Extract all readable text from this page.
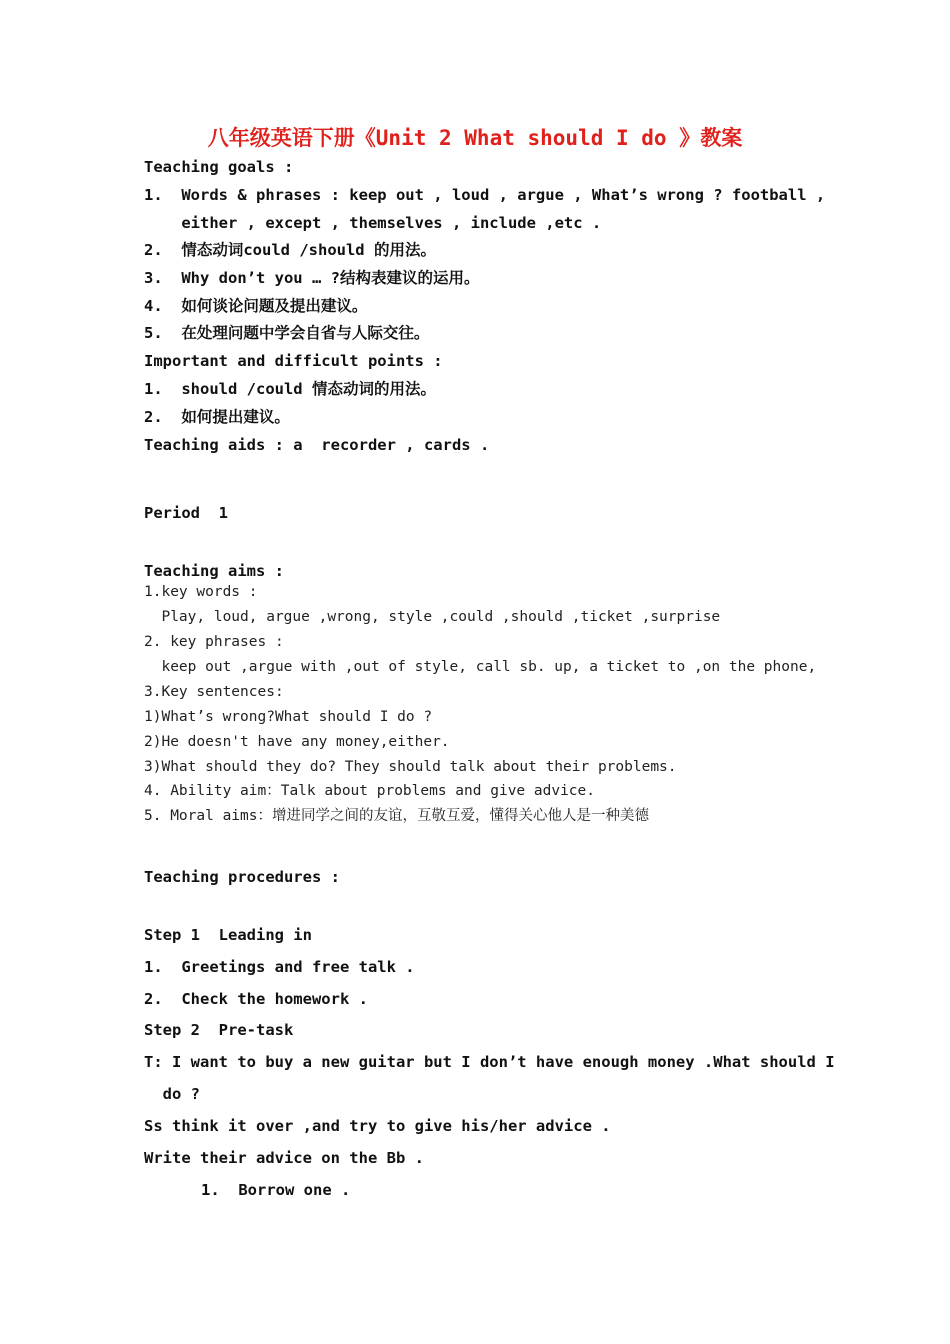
八年级英语下册《Unit 2 What should I do 》教案
Teaching goals :
1.  Words & phrases : keep out , loud , argue , What’s wrong ? football ,
either , except , themselves , include ,etc .
2.  情态动词could /should 的用法。
3.  Why don’t you … ?结构表建议的运用。
4.  如何谈论问题及提出建议。
5.  在处理问题中学会自省与人际交往。
Important and difficult points :
1.  should /could 情态动词的用法。
2.  如何提出建议。
Teaching aids : a  recorder , cards .
Period  1
Teaching aims :
1.key words :
Play, loud, argue ,wrong, style ,could ,should ,ticket ,surprise
2. key phrases :
keep out ,argue with ,out of style, call sb. up, a ticket to ,on the phone,
3.Key sentences:
1)What’s wrong?What should I do ?
2)He doesn't have any money,either.
3)What should they do? They should talk about their problems.
4. Ability aim：Talk about problems and give advice.
5. Moral aims：增进同学之间的友谊，互敬互爱，懂得关心他人是一种美德
Teaching procedures :
Step 1  Leading in
1.  Greetings and free talk .
2.  Check the homework .
Step 2  Pre-task
T: I want to buy a new guitar but I don’t have enough money .What should I
do ?
Ss think it over ,and try to give his/her advice .
Write their advice on the Bb .
1.  Borrow one .
